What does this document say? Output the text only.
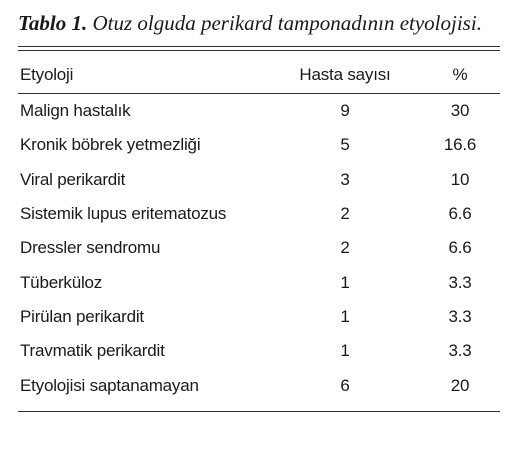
Tablo 1. Otuz olguda perikard tamponadının etyolojisi.

Etyoloji	Hasta sayısı	%
Malign hastalık	9	30
Kronik böbrek yetmezliği	5	16.6
Viral perikardit	3	10
Sistemik lupus eritematozus	2	6.6
Dressler sendromu	2	6.6
Tüberküloz	1	3.3
Pirülan perikardit	1	3.3
Travmatik perikardit	1	3.3
Etyolojisi saptanamayan	6	20
